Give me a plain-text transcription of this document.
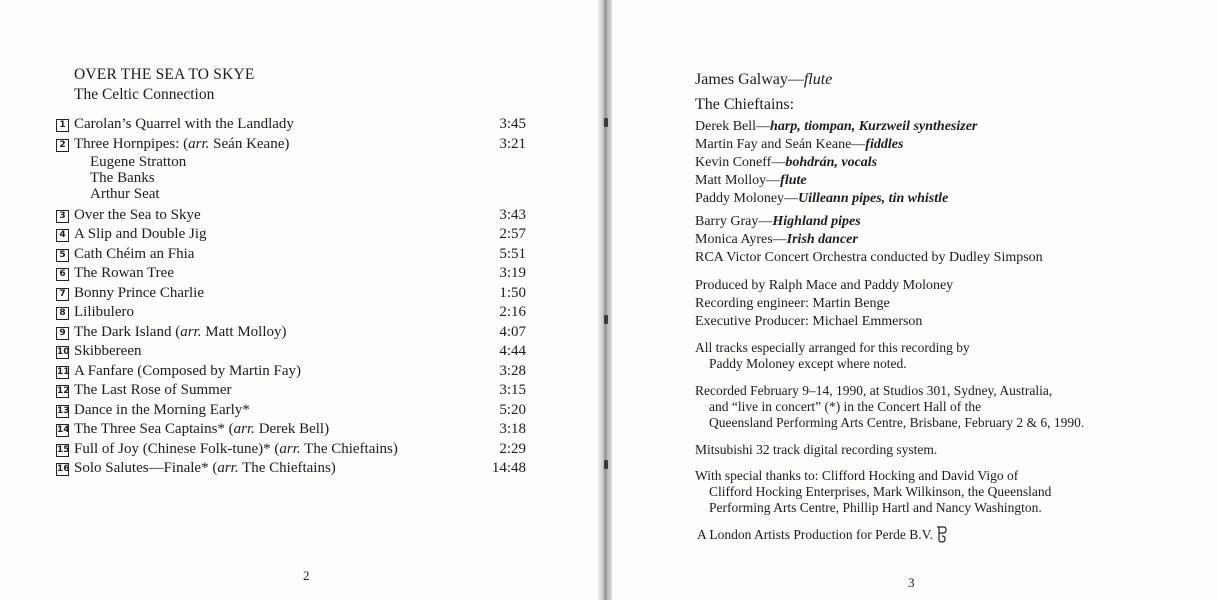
OVER THE SEA TO SKYE
The Celtic Connection
1 Carolan’s Quarrel with the Landlady	3:45
2 Three Hornpipes: (arr. Seán Keane)	3:21
Eugene Stratton
The Banks
Arthur Seat
3 Over the Sea to Skye	3:43
4 A Slip and Double Jig	2:57
5 Cath Chéim an Fhia	5:51
6 The Rowan Tree	3:19
7 Bonny Prince Charlie	1:50
8 Lilibulero	2:16
9 The Dark Island (arr. Matt Molloy)	4:07
10 Skibbereen	4:44
11 A Fanfare (Composed by Martin Fay)	3:28
12 The Last Rose of Summer	3:15
13 Dance in the Morning Early*	5:20
14 The Three Sea Captains* (arr. Derek Bell)	3:18
15 Full of Joy (Chinese Folk-tune)* (arr. The Chieftains)	2:29
16 Solo Salutes—Finale* (arr. The Chieftains)	14:48
2
James Galway—flute
The Chieftains:
Derek Bell—harp, tiompan, Kurzweil synthesizer
Martin Fay and Seán Keane—fiddles
Kevin Coneff—bohdrán, vocals
Matt Molloy—flute
Paddy Moloney—Uilleann pipes, tin whistle
Barry Gray—Highland pipes
Monica Ayres—Irish dancer
RCA Victor Concert Orchestra conducted by Dudley Simpson
Produced by Ralph Mace and Paddy Moloney
Recording engineer: Martin Benge
Executive Producer: Michael Emmerson
All tracks especially arranged for this recording by
Paddy Moloney except where noted.
Recorded February 9–14, 1990, at Studios 301, Sydney, Australia,
and “live in concert” (*) in the Concert Hall of the
Queensland Performing Arts Centre, Brisbane, February 2 & 6, 1990.
Mitsubishi 32 track digital recording system.
With special thanks to: Clifford Hocking and David Vigo of
Clifford Hocking Enterprises, Mark Wilkinson, the Queensland
Performing Arts Centre, Phillip Hartl and Nancy Washington.
A London Artists Production for Perde B.V.
3
